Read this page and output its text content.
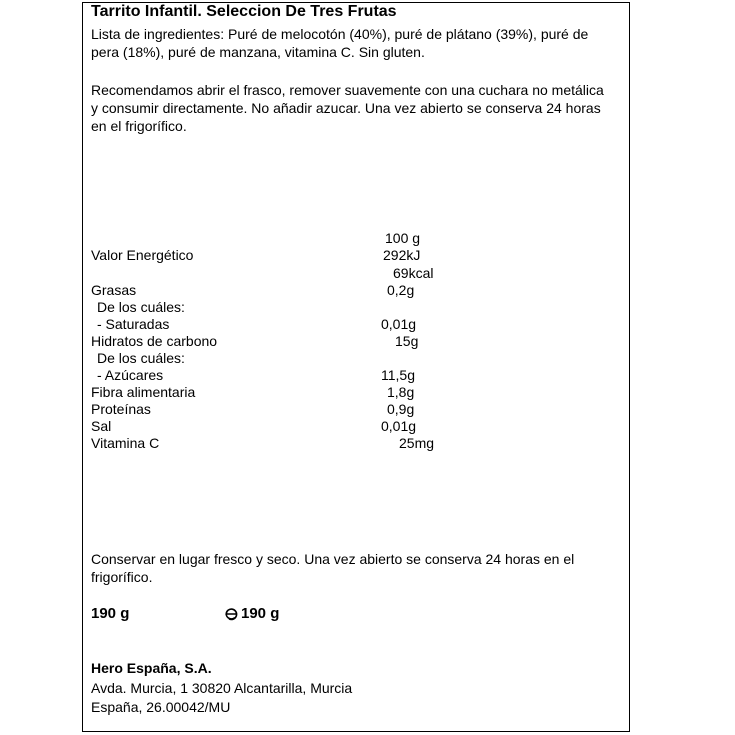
Tarrito Infantil. Seleccion De Tres Frutas
Lista de ingredientes: Puré de melocotón (40%), puré de plátano (39%), puré de
pera (18%), puré de manzana, vitamina C. Sin gluten.
Recomendamos abrir el frasco, remover suavemente con una cuchara no metálica
y consumir directamente. No añadir azucar. Una vez abierto se conserva 24 horas
en el frigorífico.
100 g
Valor Energético	292kJ
69kcal
Grasas	0,2g
De los cuáles:
- Saturadas	0,01g
Hidratos de carbono	15g
De los cuáles:
- Azúcares	11,5g
Fibra alimentaria	1,8g
Proteínas	0,9g
Sal	0,01g
Vitamina C	25mg
Conservar en lugar fresco y seco. Una vez abierto se conserva 24 horas en el
frigorífico.
190 g	190 g
Hero España, S.A.
Avda. Murcia, 1 30820 Alcantarilla, Murcia
España, 26.00042/MU
